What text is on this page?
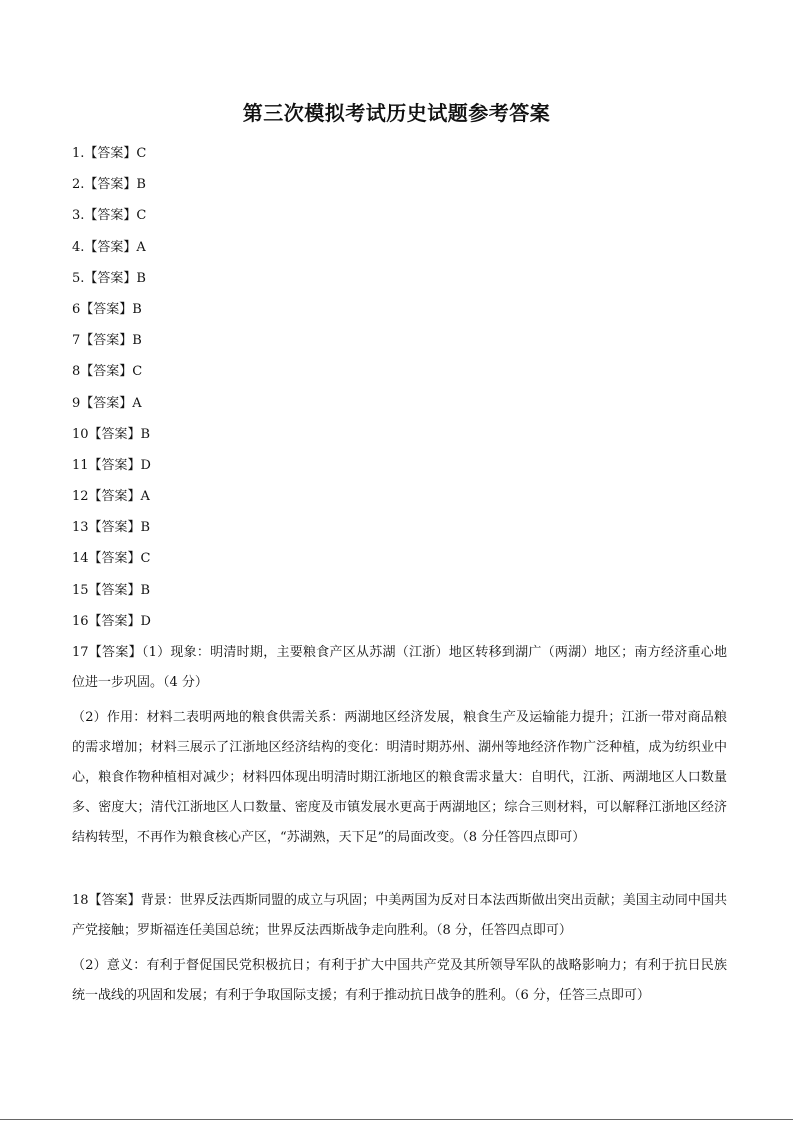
第三次模拟考试历史试题参考答案
1.【答案】C
2.【答案】B
3.【答案】C
4.【答案】A
5.【答案】B
6【答案】B
7【答案】B
8【答案】C
9【答案】A
10【答案】B
11【答案】D
12【答案】A
13【答案】B
14【答案】C
15【答案】B
16【答案】D
17【答案】（1）现象：明清时期，主要粮食产区从苏湖（江浙）地区转移到湖广（两湖）地区；南方经济重心地位进一步巩固。（4 分）
（2）作用：材料二表明两地的粮食供需关系：两湖地区经济发展，粮食生产及运输能力提升；江浙一带对商品粮的需求增加；材料三展示了江浙地区经济结构的变化：明清时期苏州、湖州等地经济作物广泛种植，成为纺织业中心，粮食作物种植相对减少；材料四体现出明清时期江浙地区的粮食需求量大：自明代，江浙、两湖地区人口数量多、密度大；清代江浙地区人口数量、密度及市镇发展水更高于两湖地区；综合三则材料，可以解释江浙地区经济结构转型，不再作为粮食核心产区，“苏湖熟，天下足”的局面改变。（8 分任答四点即可）
18【答案】背景：世界反法西斯同盟的成立与巩固；中美两国为反对日本法西斯做出突出贡献；美国主动同中国共产党接触；罗斯福连任美国总统；世界反法西斯战争走向胜利。（8 分，任答四点即可）
（2）意义：有利于督促国民党积极抗日；有利于扩大中国共产党及其所领导军队的战略影响力；有利于抗日民族统一战线的巩固和发展；有利于争取国际支援；有利于推动抗日战争的胜利。（6 分，任答三点即可）
